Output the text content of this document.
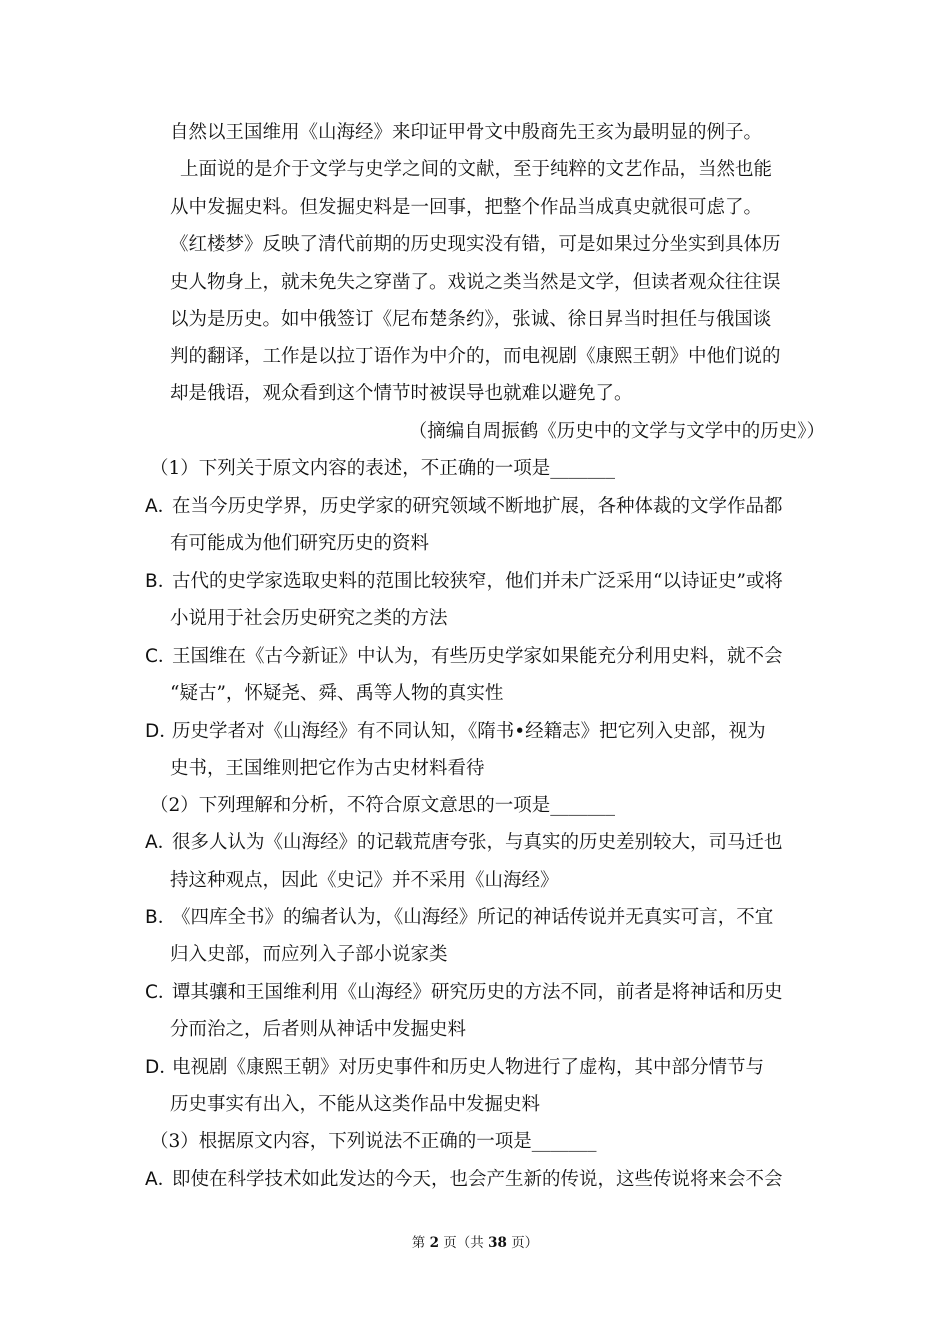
自然以王国维用《山海经》来印证甲骨文中殷商先王亥为最明显的例子。
上面说的是介于文学与史学之间的文献，至于纯粹的文艺作品，当然也能
从中发掘史料。但发掘史料是一回事，把整个作品当成真史就很可虑了。
《红楼梦》反映了清代前期的历史现实没有错，可是如果过分坐实到具体历
史人物身上，就未免失之穿凿了。戏说之类当然是文学，但读者观众往往误
以为是历史。如中俄签订《尼布楚条约》，张诚、徐日昇当时担任与俄国谈
判的翻译，工作是以拉丁语作为中介的，而电视剧《康熙王朝》中他们说的
却是俄语，观众看到这个情节时被误导也就难以避免了。
（摘编自周振鹤《历史中的文学与文学中的历史》）
（1）下列关于原文内容的表述，不正确的一项是_______
A．在当今历史学界，历史学家的研究领域不断地扩展，各种体裁的文学作品都
有可能成为他们研究历史的资料
B．古代的史学家选取史料的范围比较狭窄，他们并未广泛采用“以诗证史”或将
小说用于社会历史研究之类的方法
C．王国维在《古今新证》中认为，有些历史学家如果能充分利用史料，就不会
“疑古”，怀疑尧、舜、禹等人物的真实性
D．历史学者对《山海经》有不同认知，《隋书•经籍志》把它列入史部，视为
史书，王国维则把它作为古史材料看待
（2）下列理解和分析，不符合原文意思的一项是_______
A．很多人认为《山海经》的记载荒唐夸张，与真实的历史差别较大，司马迁也
持这种观点，因此《史记》并不采用《山海经》
B．《四库全书》的编者认为，《山海经》所记的神话传说并无真实可言，不宜
归入史部，而应列入子部小说家类
C．谭其骧和王国维利用《山海经》研究历史的方法不同，前者是将神话和历史
分而治之，后者则从神话中发掘史料
D．电视剧《康熙王朝》对历史事件和历史人物进行了虚构，其中部分情节与
历史事实有出入，不能从这类作品中发掘史料
（3）根据原文内容，下列说法不正确的一项是_______
A．即使在科学技术如此发达的今天，也会产生新的传说，这些传说将来会不会
第 2 页（共 38 页）
